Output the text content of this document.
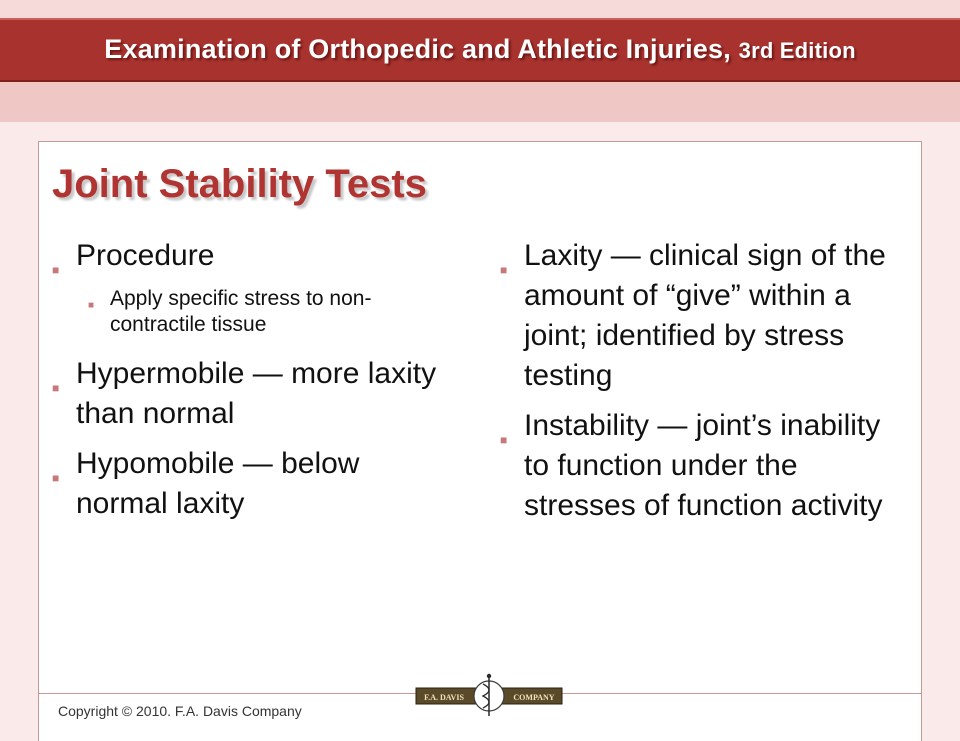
Examination of Orthopedic and Athletic Injuries, 3rd Edition
Joint Stability Tests
■ Procedure
■ Apply specific stress to non-contractile tissue
■ Hypermobile — more laxity than normal
■ Hypomobile — below normal laxity
■ Laxity — clinical sign of the amount of “give” within a joint; identified by stress testing
■ Instability — joint’s inability to function under the stresses of function activity
F.A. DAVIS	COMPANY
Copyright © 2010. F.A. Davis Company
